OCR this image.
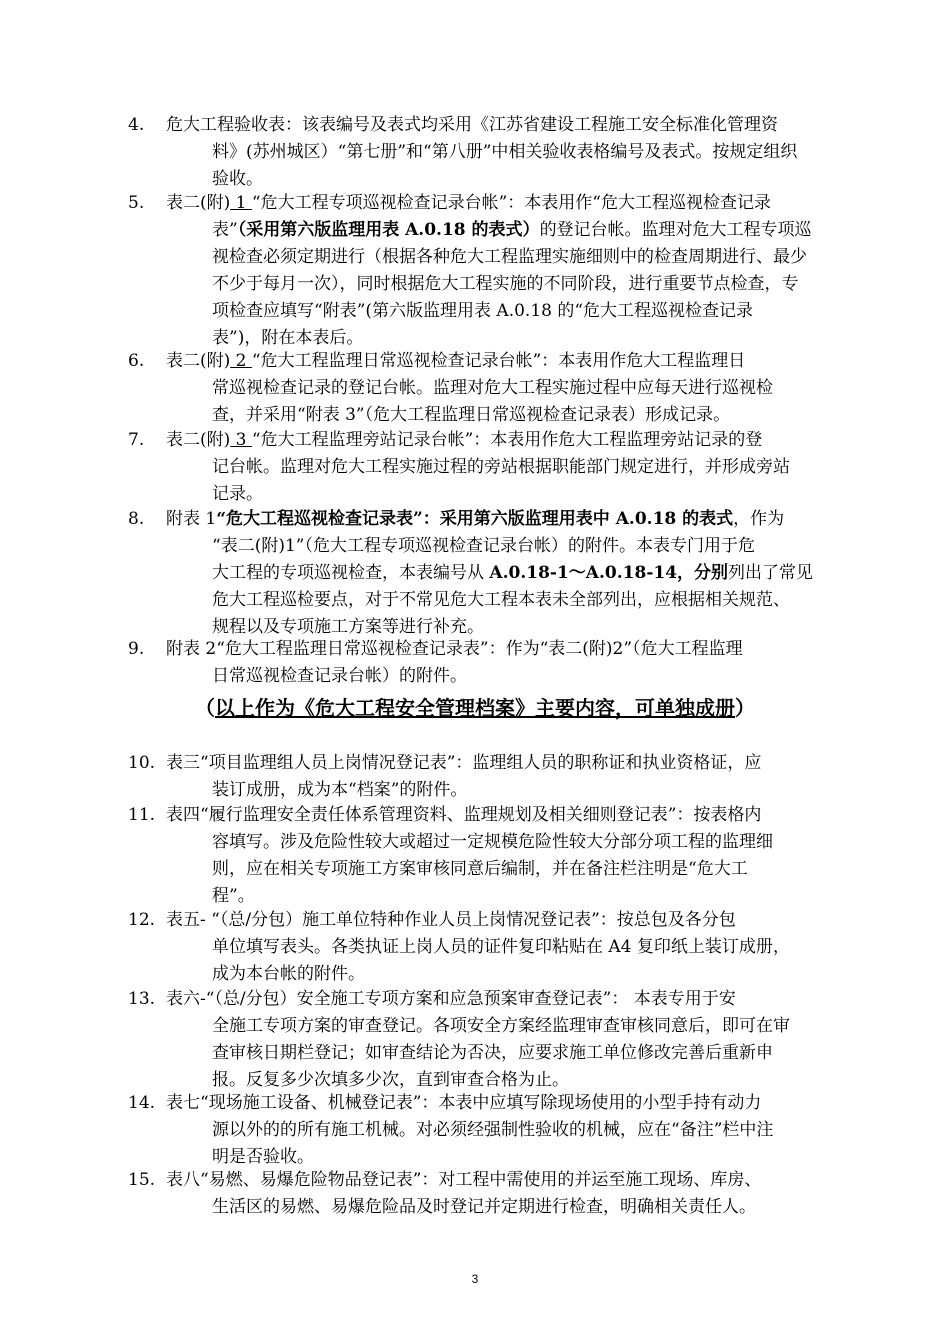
4.	危大工程验收表：该表编号及表式均采用《江苏省建设工程施工安全标准化管理资
料》(苏州城区）“第七册”和“第八册”中相关验收表格编号及表式。按规定组织
验收。
5.	表二(附) 1 “危大工程专项巡视检查记录台帐”：本表用作“危大工程巡视检查记录
表”（采用第六版监理用表 A.0.18 的表式）的登记台帐。监理对危大工程专项巡
视检查必须定期进行（根据各种危大工程监理实施细则中的检查周期进行、最少
不少于每月一次），同时根据危大工程实施的不同阶段，进行重要节点检查，专
项检查应填写“附表”(第六版监理用表 A.0.18 的“危大工程巡视检查记录
表”)，附在本表后。
6.	表二(附) 2 “危大工程监理日常巡视检查记录台帐”：本表用作危大工程监理日
常巡视检查记录的登记台帐。监理对危大工程实施过程中应每天进行巡视检
查，并采用“附表 3”（危大工程监理日常巡视检查记录表）形成记录。
7.	表二(附) 3 “危大工程监理旁站记录台帐”：本表用作危大工程监理旁站记录的登
记台帐。监理对危大工程实施过程的旁站根据职能部门规定进行，并形成旁站
记录。
8.	附表 1“危大工程巡视检查记录表”：采用第六版监理用表中 A.0.18 的表式，作为
“表二(附)1”（危大工程专项巡视检查记录台帐）的附件。本表专门用于危
大工程的专项巡视检查，本表编号从 A.0.18-1～A.0.18-14，分别列出了常见
危大工程巡检要点，对于不常见危大工程本表未全部列出，应根据相关规范、
规程以及专项施工方案等进行补充。
9.	附表 2“危大工程监理日常巡视检查记录表”：作为“表二(附)2”（危大工程监理
日常巡视检查记录台帐）的附件。
（以上作为《危大工程安全管理档案》主要内容，可单独成册）
10. 表三“项目监理组人员上岗情况登记表”：监理组人员的职称证和执业资格证，应
装订成册，成为本“档案”的附件。
11. 表四“履行监理安全责任体系管理资料、监理规划及相关细则登记表”：按表格内
容填写。涉及危险性较大或超过一定规模危险性较大分部分项工程的监理细
则，应在相关专项施工方案审核同意后编制，并在备注栏注明是“危大工
程”。
12. 表五- “（总/分包）施工单位特种作业人员上岗情况登记表”：按总包及各分包
单位填写表头。各类执证上岗人员的证件复印粘贴在 A4 复印纸上装订成册，
成为本台帐的附件。
13. 表六-“（总/分包）安全施工专项方案和应急预案审查登记表”： 本表专用于安
全施工专项方案的审查登记。各项安全方案经监理审查审核同意后，即可在审
查审核日期栏登记；如审查结论为否决，应要求施工单位修改完善后重新申
报。反复多少次填多少次，直到审查合格为止。
14. 表七“现场施工设备、机械登记表”：本表中应填写除现场使用的小型手持有动力
源以外的的所有施工机械。对必须经强制性验收的机械，应在“备注”栏中注
明是否验收。
15. 表八“易燃、易爆危险物品登记表”：对工程中需使用的并运至施工现场、库房、
生活区的易燃、易爆危险品及时登记并定期进行检查，明确相关责任人。
3
